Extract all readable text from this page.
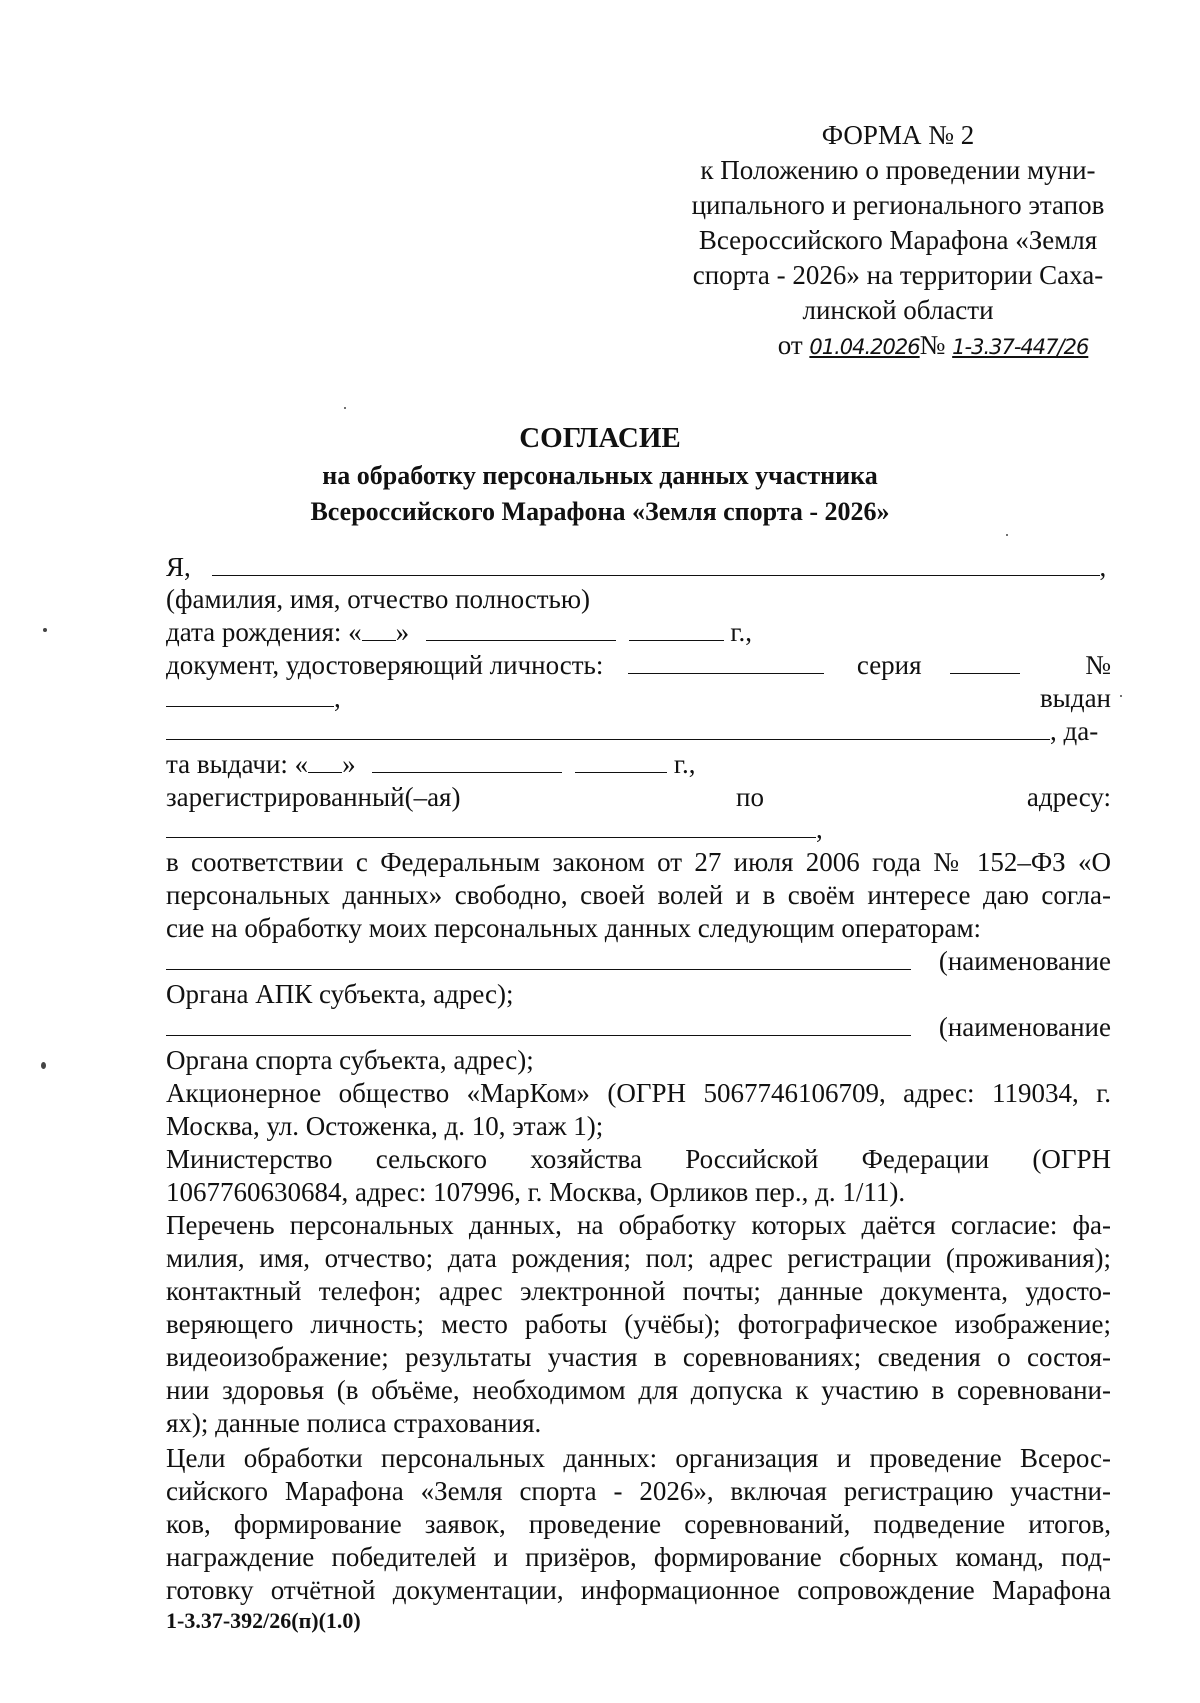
ФОРМА № 2
к Положению о проведении муни-
ципального и регионального этапов
Всероссийского Марафона «Земля
спорта - 2026» на территории Саха-
линской области
от 01.04.2026№ 1-3.37-447/26
СОГЛАСИЕ
на обработку персональных данных участника
Всероссийского Марафона «Земля спорта - 2026»
Я,	,
(фамилия, имя, отчество полностью)
дата рождения: « »	г.,
документ, удостоверяющий личность:	серия	№
,	выдан
, да-
та выдачи: « »	г.,
зарегистрированный(–ая)	по	адресу:
,
в соответствии с Федеральным законом от 27 июля 2006 года № 152–ФЗ «О
персональных данных» свободно, своей волей и в своём интересе даю согла-
сие на обработку моих персональных данных следующим операторам:
(наименование
Органа АПК субъекта, адрес);
(наименование
Органа спорта субъекта, адрес);
Акционерное общество «МарКом» (ОГРН 5067746106709, адрес: 119034, г.
Москва, ул. Остоженка, д. 10, этаж 1);
Министерство сельского хозяйства Российской Федерации (ОГРН
1067760630684, адрес: 107996, г. Москва, Орликов пер., д. 1/11).
Перечень персональных данных, на обработку которых даётся согласие: фа-
милия, имя, отчество; дата рождения; пол; адрес регистрации (проживания);
контактный телефон; адрес электронной почты; данные документа, удосто-
веряющего личность; место работы (учёбы); фотографическое изображение;
видеоизображение; результаты участия в соревнованиях; сведения о состоя-
нии здоровья (в объёме, необходимом для допуска к участию в соревновани-
ях); данные полиса страхования.
Цели обработки персональных данных: организация и проведение Всерос-
сийского Марафона «Земля спорта - 2026», включая регистрацию участни-
ков, формирование заявок, проведение соревнований, подведение итогов,
награждение победителей и призёров, формирование сборных команд, под-
готовку отчётной документации, информационное сопровождение Марафона
1-3.37-392/26(п)(1.0)
